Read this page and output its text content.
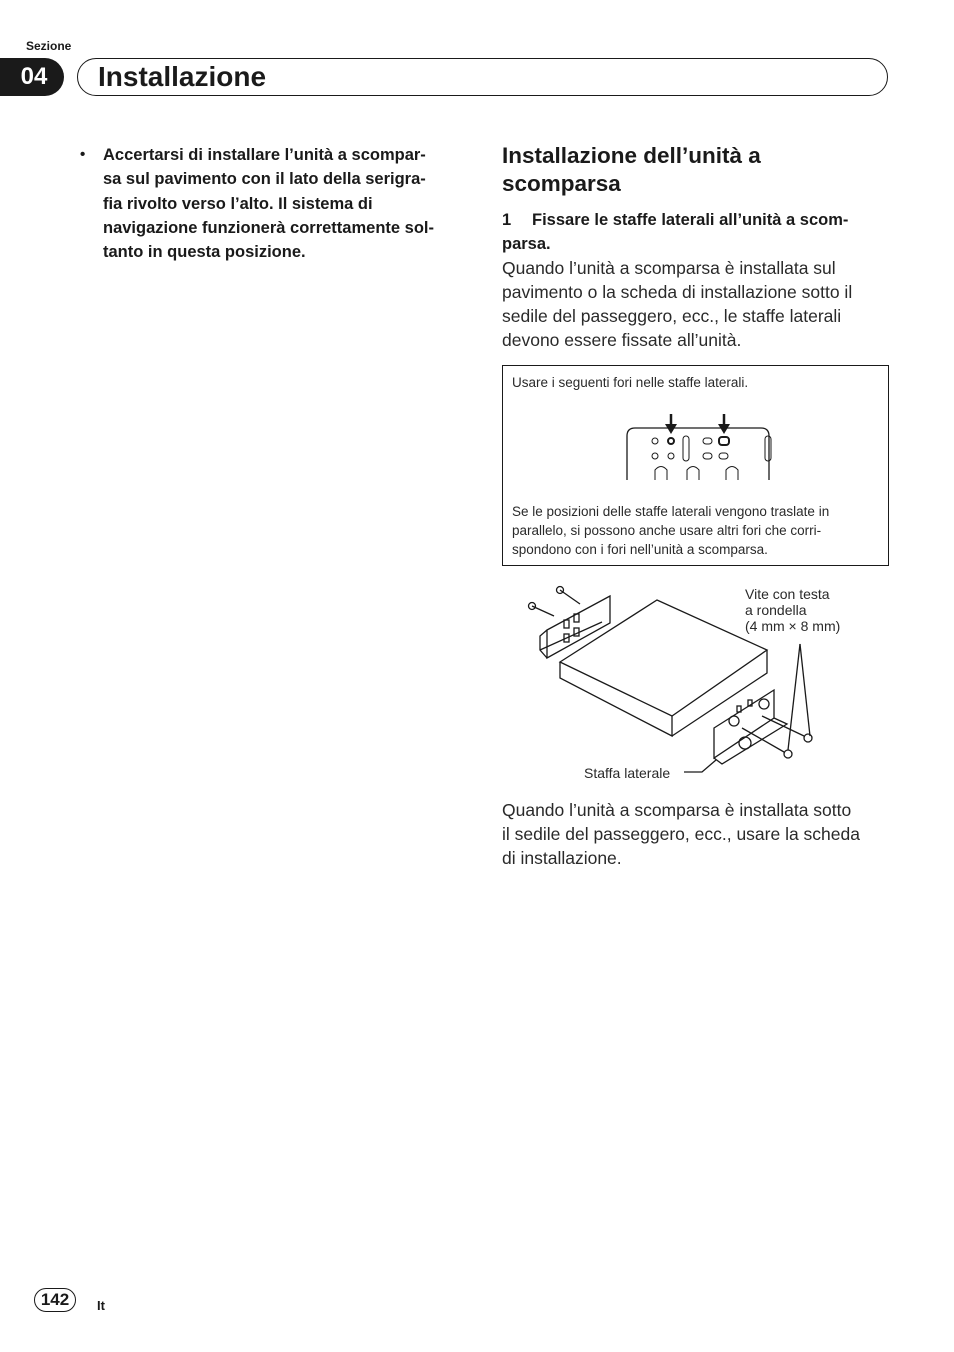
Sezione
04	Installazione
• Accertarsi di installare l’unità a scompar-
sa sul pavimento con il lato della serigra-
fia rivolto verso l’alto. Il sistema di
navigazione funzionerà correttamente sol-
tanto in questa posizione.
Installazione dell’unità a
scomparsa
1 Fissare le staffe laterali all’unità a scom-
parsa.
Quando l’unità a scomparsa è installata sul
pavimento o la scheda di installazione sotto il
sedile del passeggero, ecc., le staffe laterali
devono essere fissate all’unità.
Usare i seguenti fori nelle staffe laterali.
Se le posizioni delle staffe laterali vengono traslate in
parallelo, si possono anche usare altri fori che corri-
spondono con i fori nell’unità a scomparsa.
Vite con testa
a rondella
(4 mm × 8 mm)
Staffa laterale
Quando l’unità a scomparsa è installata sotto
il sedile del passeggero, ecc., usare la scheda
di installazione.
142	It
